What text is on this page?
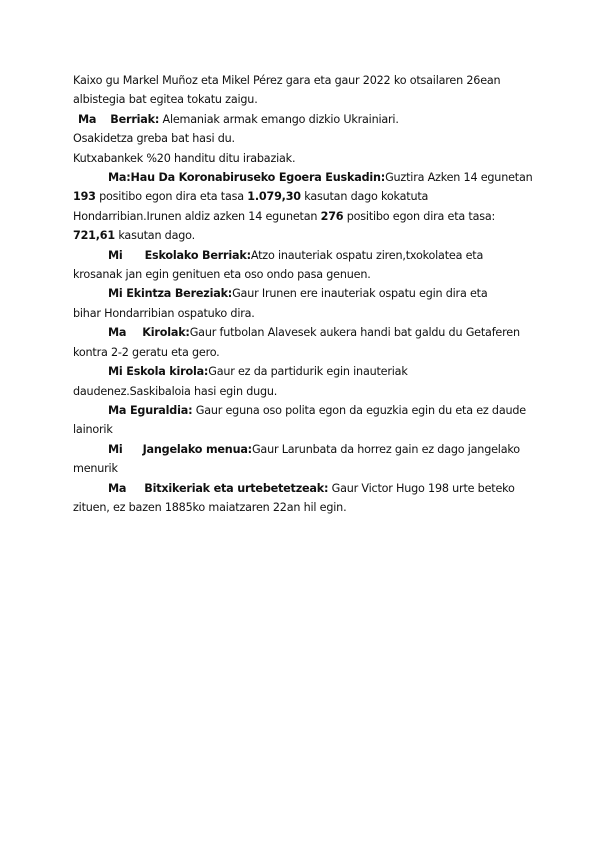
Kaixo gu Markel Muñoz eta Mikel Pérez gara eta gaur 2022 ko otsailaren 26ean

albistegia bat egitea tokatu zaigu.

Ma Berriak: Alemaniak armak emango dizkio Ukrainiari.

Osakidetza greba bat hasi du.

Kutxabankek %20 handitu ditu irabaziak.

Ma:Hau Da Koronabiruseko Egoera Euskadin:Guztira Azken 14 egunetan

193 positibo egon dira eta tasa 1.079,30 kasutan dago kokatuta

Hondarribian.Irunen aldiz azken 14 egunetan 276 positibo egon dira eta tasa:

721,61 kasutan dago.

Mi Eskolako Berriak:Atzo inauteriak ospatu ziren,txokolatea eta

krosanak jan egin genituen eta oso ondo pasa genuen.

Mi Ekintza Bereziak:Gaur Irunen ere inauteriak ospatu egin dira eta

bihar Hondarribian ospatuko dira.

Ma Kirolak:Gaur futbolan Alavesek aukera handi bat galdu du Getaferen

kontra 2-2 geratu eta gero.

Mi Eskola kirola:Gaur ez da partidurik egin inauteriak

daudenez.Saskibaloia hasi egin dugu.

Ma Eguraldia: Gaur eguna oso polita egon da eguzkia egin du eta ez daude

lainorik

Mi Jangelako menua:Gaur Larunbata da horrez gain ez dago jangelako

menurik

Ma Bitxikeriak eta urtebetetzeak: Gaur Victor Hugo 198 urte beteko

zituen, ez bazen 1885ko maiatzaren 22an hil egin.
